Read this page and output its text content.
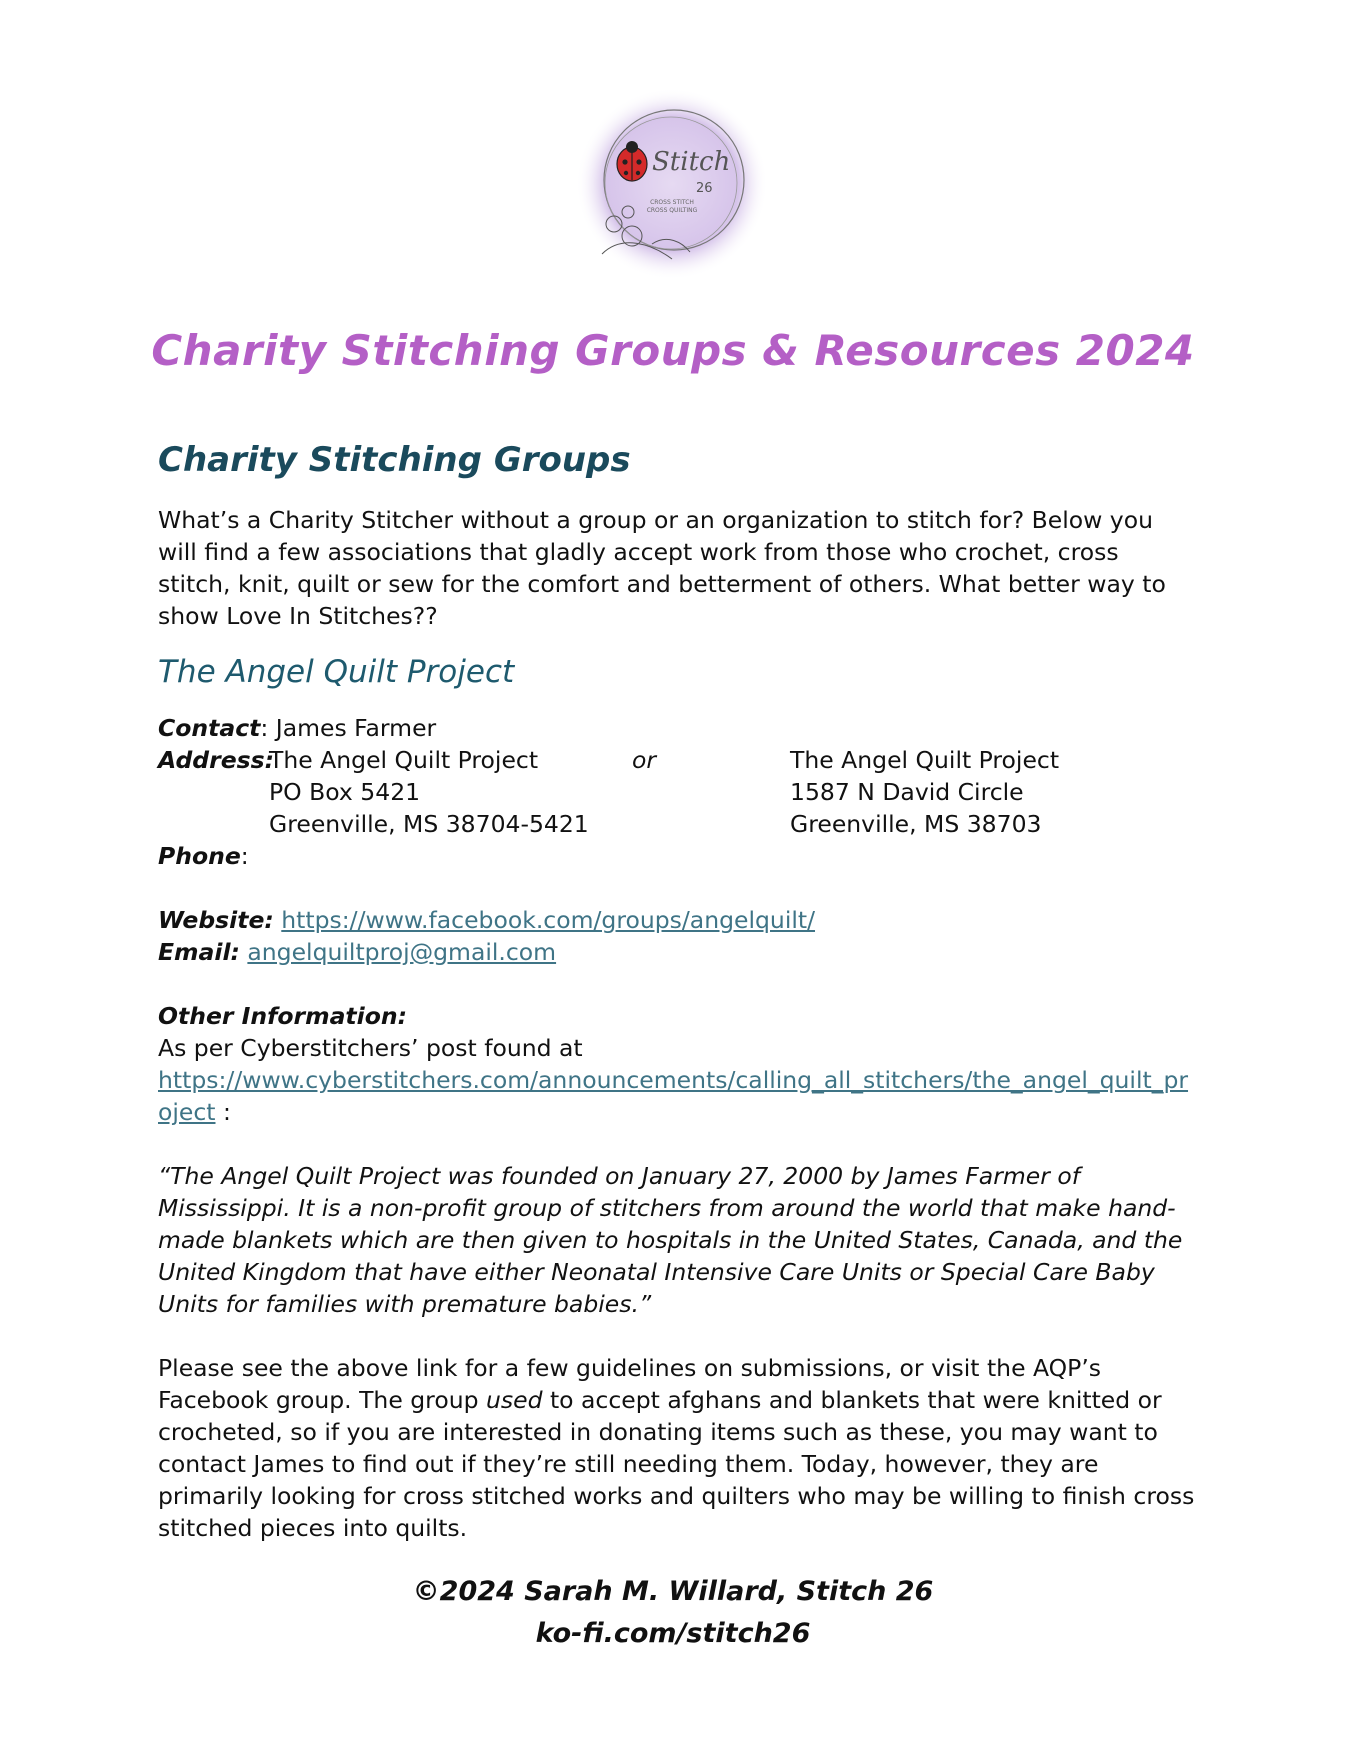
Stitch
26
CROSS STITCH
CROSS QUILTING
Charity Stitching Groups & Resources 2024
Charity Stitching Groups

What’s a Charity Stitcher without a group or an organization to stitch for? Below you will find a few associations that gladly accept work from those who crochet, cross stitch, knit, quilt or sew for the comfort and betterment of others. What better way to show Love In Stitches??

The Angel Quilt Project
Contact: James Farmer
Address:
The Angel Quilt Project	or	The Angel Quilt Project
PO Box 5421	1587 N David Circle
Greenville, MS 38704-5421	Greenville, MS 38703
Phone:
Website: https://www.facebook.com/groups/angelquilt/
Email: angelquiltproj@gmail.com
Other Information:
As per Cyberstitchers’ post found at
https://www.cyberstitchers.com/announcements/calling_all_stitchers/the_angel_quilt_project :

“The Angel Quilt Project was founded on January 27, 2000 by James Farmer of Mississippi. It is a non-profit group of stitchers from around the world that make hand-made blankets which are then given to hospitals in the United States, Canada, and the United Kingdom that have either Neonatal Intensive Care Units or Special Care Baby Units for families with premature babies.”

Please see the above link for a few guidelines on submissions, or visit the AQP’s Facebook group. The group used to accept afghans and blankets that were knitted or crocheted, so if you are interested in donating items such as these, you may want to contact James to find out if they’re still needing them. Today, however, they are primarily looking for cross stitched works and quilters who may be willing to finish cross stitched pieces into quilts.

©2024 Sarah M. Willard, Stitch 26
ko-fi.com/stitch26
